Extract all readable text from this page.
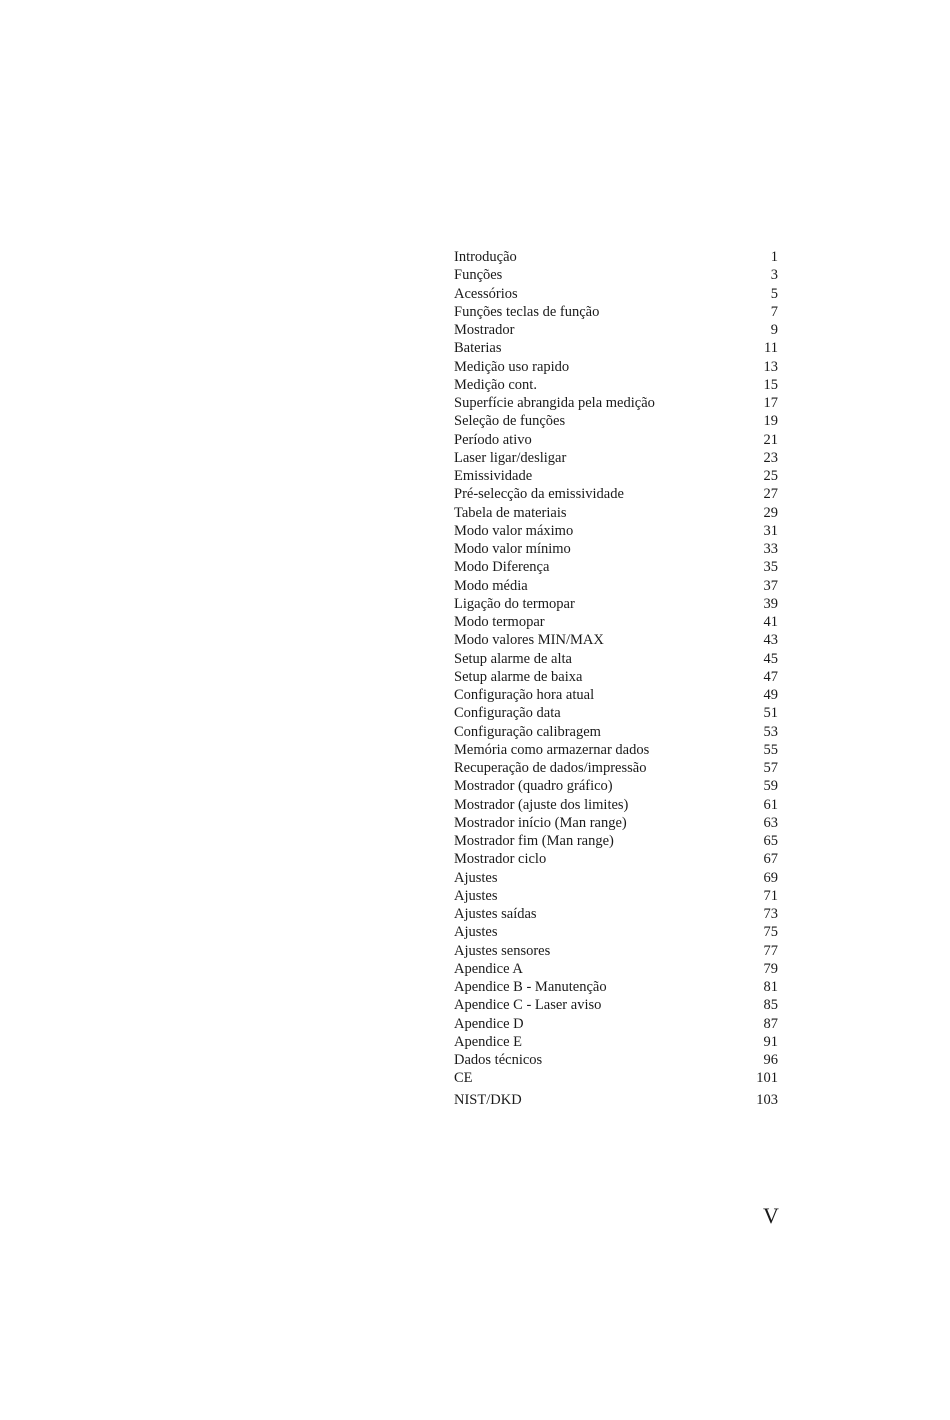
Introdução	1
Funções	3
Acessórios	5
Funções teclas de função	7
Mostrador	9
Baterias	11
Medição uso rapido	13
Medição cont.	15
Superfície abrangida pela medição	17
Seleção de funções	19
Período ativo	21
Laser ligar/desligar	23
Emissividade	25
Pré-selecção da emissividade	27
Tabela de materiais	29
Modo valor máximo	31
Modo valor mínimo	33
Modo Diferença	35
Modo média	37
Ligação do termopar	39
Modo termopar	41
Modo valores MIN/MAX	43
Setup alarme de alta	45
Setup alarme de baixa	47
Configuração hora atual	49
Configuração data	51
Configuração calibragem	53
Memória como armazernar dados	55
Recuperação de dados/impressão	57
Mostrador (quadro gráfico)	59
Mostrador (ajuste dos limites)	61
Mostrador início (Man range)	63
Mostrador fim (Man range)	65
Mostrador ciclo	67
Ajustes	69
Ajustes	71
Ajustes saídas	73
Ajustes	75
Ajustes sensores	77
Apendice A	79
Apendice B - Manutenção	81
Apendice C - Laser aviso	85
Apendice D	87
Apendice E	91
Dados técnicos	96
CE	101
NIST/DKD	103
V
